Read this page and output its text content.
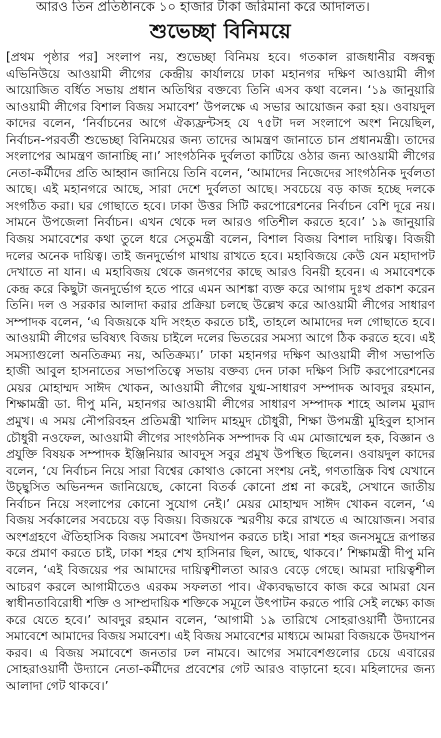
আরও তিন প্রতিষ্ঠানকে ১০ হাজার টাকা জরিমানা করে আদালত।
শুভেচ্ছা বিনিময়ে

[প্রথম পৃষ্ঠার পর] সংলাপ নয়, শুভেচ্ছা বিনিময় হবে। গতকাল রাজধানীর বঙ্গবন্ধু এভিনিউয়ে আওয়ামী লীগের কেন্দ্রীয় কার্যালয়ে ঢাকা মহানগর দক্ষিণ আওয়ামী লীগ আয়োজিত বর্ধিত সভায় প্রধান অতিথির বক্তব্যে তিনি এসব কথা বলেন। ‘১৯ জানুয়ারি আওয়ামী লীগের বিশাল বিজয় সমাবেশ’ উপলক্ষে এ সভার আয়োজন করা হয়। ওবায়দুল কাদের বলেন, ‘নির্বাচনের আগে ঐক্যফ্রন্টসহ যে ৭৫টা দল সংলাপে অংশ নিয়েছিল, নির্বাচন-পরবর্তী শুভেচ্ছা বিনিময়ের জন্য তাদের আমন্ত্রণ জানাতে চান প্রধানমন্ত্রী। তাদের সংলাপের আমন্ত্রণ জানাচ্ছি না।’ সাংগঠনিক দুর্বলতা কাটিয়ে ওঠার জন্য আওয়ামী লীগের নেতা-কর্মীদের প্রতি আহ্বান জানিয়ে তিনি বলেন, ‘আমাদের নিজেদের সাংগঠনিক দুর্বলতা আছে। এই মহানগরে আছে, সারা দেশে দুর্বলতা আছে। সবচেয়ে বড় কাজ হচ্ছে দলকে সংগঠিত করা। ঘর গোছাতে হবে। ঢাকা উত্তর সিটি করপোরেশনের নির্বাচন বেশি দূরে নয়। সামনে উপজেলা নির্বাচন। এখন থেকে দল আরও গতিশীল করতে হবে।’ ১৯ জানুয়ারি বিজয় সমাবেশের কথা তুলে ধরে সেতুমন্ত্রী বলেন, বিশাল বিজয় বিশাল দায়িত্ব। বিজয়ী দলের অনেক দায়িত্ব। তাই জনদুর্ভোগ মাথায় রাখতে হবে। মহাবিজয়ে কেউ যেন মহাদাপট দেখাতে না যান। এ মহাবিজয় থেকে জনগণের কাছে আরও বিনয়ী হবেন। এ সমাবেশকে কেন্দ্র করে কিছুটা জনদুর্ভোগ হতে পারে এমন আশঙ্কা ব্যক্ত করে আগাম দুঃখ প্রকাশ করেন তিনি। দল ও সরকার আলাদা করার প্রক্রিয়া চলছে উল্লেখ করে আওয়ামী লীগের সাধারণ সম্পাদক বলেন, ‘এ বিজয়কে যদি সংহত করতে চাই, তাহলে আমাদের দল গোছাতে হবে। আওয়ামী লীগের ভবিষ্যৎ বিজয় চাইলে দলের ভিতরের সমস্যা আগে ঠিক করতে হবে। এই সমস্যাগুলো অনতিক্রম্য নয়, অতিক্রম্য।’ ঢাকা মহানগর দক্ষিণ আওয়ামী লীগ সভাপতি হাজী আবুল হাসনাতের সভাপতিত্বে সভায় বক্তব্য দেন ঢাকা দক্ষিণ সিটি করপোরেশনের মেয়র মোহাম্মদ সাঈদ খোকন, আওয়ামী লীগের যুগ্ম-সাধারণ সম্পাদক আবদুর রহমান, শিক্ষামন্ত্রী ডা. দীপু মনি, মহানগর আওয়ামী লীগের সাধারণ সম্পাদক শাহে আলম মুরাদ প্রমুখ। এ সময় নৌপরিবহন প্রতিমন্ত্রী খালিদ মাহমুদ চৌধুরী, শিক্ষা উপমন্ত্রী মুহিবুল হাসান চৌধুরী নওফেল, আওয়ামী লীগের সাংগঠনিক সম্পাদক বি এম মোজাম্মেল হক, বিজ্ঞান ও প্রযুক্তি বিষয়ক সম্পাদক ইঞ্জিনিয়ার আবদুস সবুর প্রমুখ উপস্থিত ছিলেন। ওবায়দুল কাদের বলেন, ‘যে নির্বাচন নিয়ে সারা বিশ্বের কোথাও কোনো সংশয় নেই, গণতান্ত্রিক বিশ্ব যেখানে উচ্ছ্বসিত অভিনন্দন জানিয়েছে, কোনো বিতর্ক কোনো প্রশ্ন না করেই, সেখানে জাতীয় নির্বাচন নিয়ে সংলাপের কোনো সুযোগ নেই।’ মেয়র মোহাম্মদ সাঈদ খোকন বলেন, ‘এ বিজয় সর্বকালের সবচেয়ে বড় বিজয়। বিজয়কে স্মরণীয় করে রাখতে এ আয়োজন। সবার অংশগ্রহণে ঐতিহাসিক বিজয় সমাবেশ উদযাপন করতে চাই। সারা শহর জনসমুদ্রে রূপান্তর করে প্রমাণ করতে চাই, ঢাকা শহর শেখ হাসিনার ছিল, আছে, থাকবে।’ শিক্ষামন্ত্রী দীপু মনি বলেন, ‘এই বিজয়ের পর আমাদের দায়িত্বশীলতা আরও বেড়ে গেছে। আমরা দায়িত্বশীল আচরণ করলে আগামীতেও এরকম সফলতা পাব। ঐক্যবদ্ধভাবে কাজ করে আমরা যেন স্বাধীনতাবিরোধী শক্তি ও সাম্প্রদায়িক শক্তিকে সমূলে উৎপাটন করতে পারি সেই লক্ষ্যে কাজ করে যেতে হবে।’ আবদুর রহমান বলেন, ‘আগামী ১৯ তারিখে সোহরাওয়ার্দী উদ্যানের সমাবেশে আমাদের বিজয় সমাবেশ। এই বিজয় সমাবেশের মাধ্যমে আমরা বিজয়কে উদযাপন করব। এ বিজয় সমাবেশে জনতার ঢল নামবে। আগের সমাবেশগুলোর চেয়ে এবারের সোহরাওয়ার্দী উদ্যানে নেতা-কর্মীদের প্রবেশের গেট আরও বাড়ানো হবে। মহিলাদের জন্য আলাদা গেট থাকবে।’
